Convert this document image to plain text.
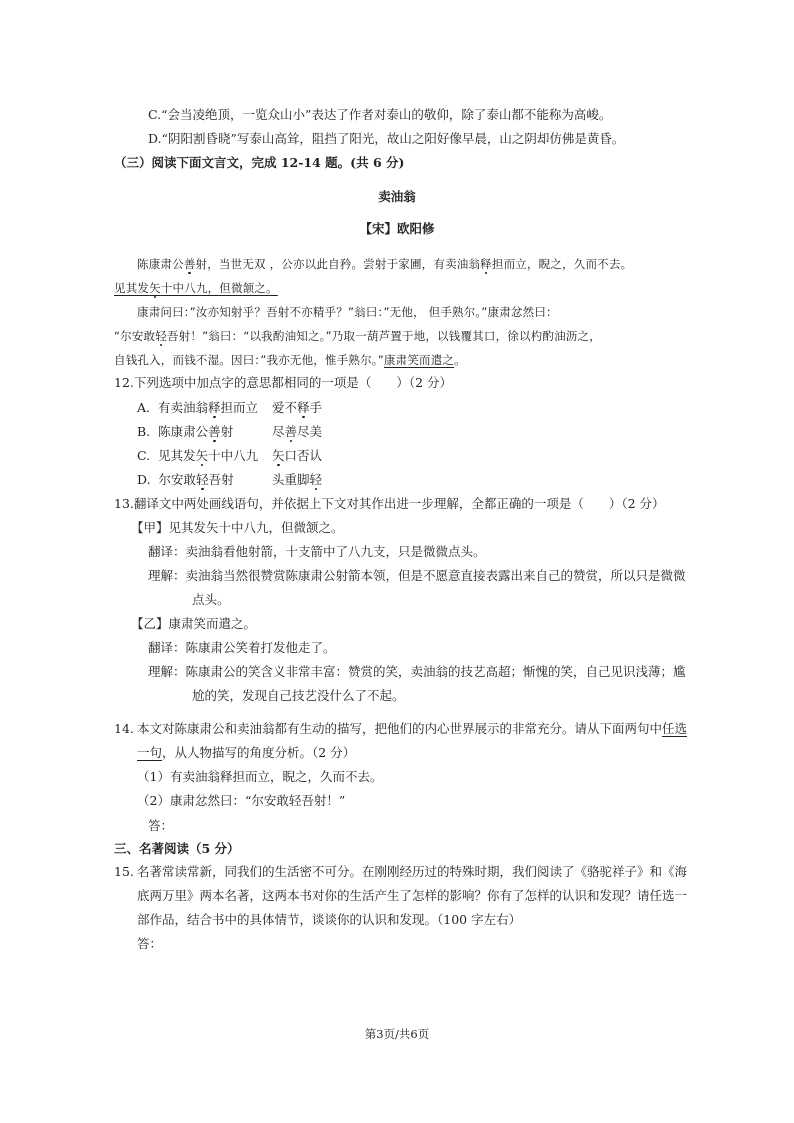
C.“会当凌绝顶，一览众山小”表达了作者对泰山的敬仰，除了泰山都不能称为高峻。
D.“阴阳割昏晓”写泰山高耸，阻挡了阳光，故山之阳好像早晨，山之阴却仿佛是黄昏。
（三）阅读下面文言文，完成 12-14 题。(共 6 分)
卖油翁
【宋】欧阳修
陈康肃公善射，当世无双 ，公亦以此自矜。尝射于家圃，有卖油翁释担而立，睨之，久而不去。
见其发矢十中八九，但微颔之。
康肃问曰：”汝亦知射乎？吾射不亦精乎？”翁曰：”无他， 但手熟尔。”康肃忿然曰：
“尔安敢轻吾射！”翁曰：“以我酌油知之。”乃取一葫芦置于地，以钱覆其口，徐以杓酌油沥之，
自钱孔入，而钱不湿。因曰：”我亦无他，惟手熟尔。”康肃笑而遣之。
12.下列选项中加点字的意思都相同的一项是（　　）（2 分）
A. 有卖油翁释担而立 爱不释手
B. 陈康肃公善射	尽善尽美
C. 见其发矢十中八九 矢口否认
D. 尔安敢轻吾射	头重脚轻
13.翻译文中两处画线语句，并依据上下文对其作出进一步理解，全都正确的一项是（　　）（2 分）
【甲】见其发矢十中八九，但微颔之。
翻译：卖油翁看他射箭，十支箭中了八九支，只是微微点头。
理解：卖油翁当然很赞赏陈康肃公射箭本领，但是不愿意直接表露出来自己的赞赏，所以只是微微
点头。
【乙】康肃笑而遣之。
翻译：陈康肃公笑着打发他走了。
理解：陈康肃公的笑含义非常丰富：赞赏的笑，卖油翁的技艺高超；惭愧的笑，自己见识浅薄；尴
尬的笑，发现自己技艺没什么了不起。
14. 本文对陈康肃公和卖油翁都有生动的描写，把他们的内心世界展示的非常充分。请从下面两句中任选
一句，从人物描写的角度分析。（2 分）
（1）有卖油翁释担而立，睨之，久而不去。
（2）康肃忿然曰：“尔安敢轻吾射！”
答：
三、名著阅读（5 分）
15. 名著常读常新，同我们的生活密不可分。在刚刚经历过的特殊时期，我们阅读了《骆驼祥子》和《海
底两万里》两本名著，这两本书对你的生活产生了怎样的影响？你有了怎样的认识和发现？请任选一
部作品，结合书中的具体情节，谈谈你的认识和发现。（100 字左右）
答：
第3页/共6页
